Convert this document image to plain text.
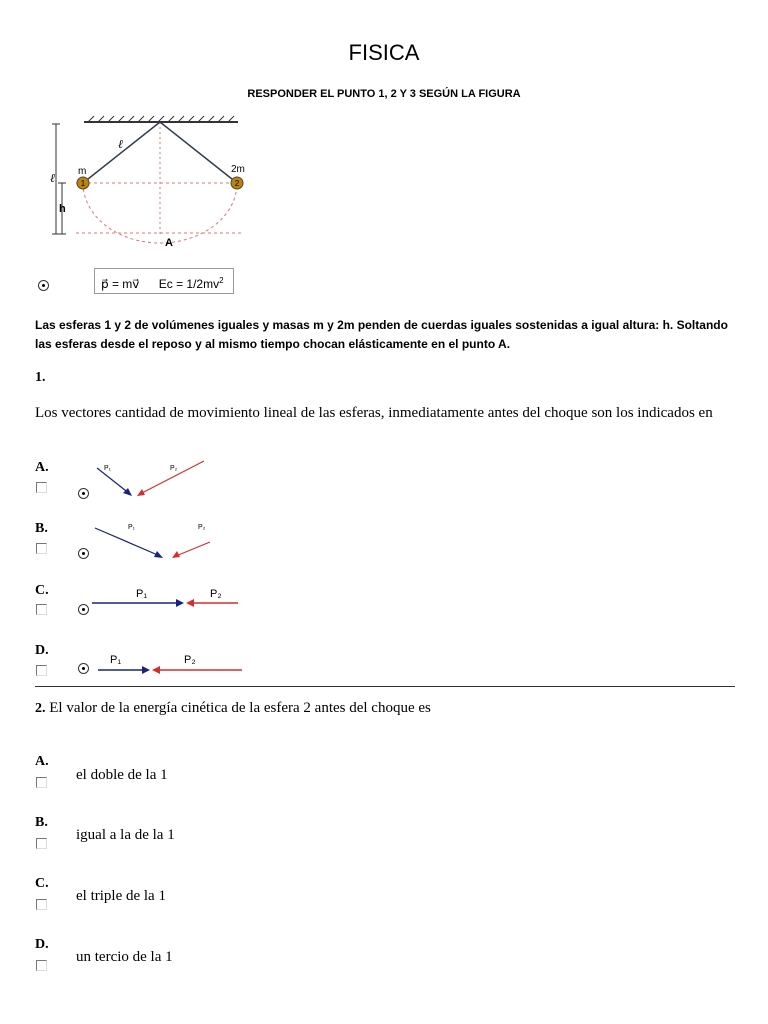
FISICA
RESPONDER EL PUNTO 1, 2 Y 3 SEGÚN LA FIGURA
1	2
ℓ
ℓ m	2m
h
A
p⃗ = mv⃗ $Ec = 1/2mv^2$
Las esferas 1 y 2 de volúmenes iguales y masas m y 2m penden de cuerdas iguales sostenidas a igual altura: h. Soltando las esferas desde el reposo y al mismo tiempo chocan elásticamente en el punto A.
1.
Los vectores cantidad de movimiento lineal de las esferas, inmediatamente antes del choque son los indicados en
A.	P₁	P₂
B.	P₁	P₂
C.	P₁	P₂
D.
P₁	P₂
2. El valor de la energía cinética de la esfera 2 antes del choque es
A.
el doble de la 1
B.
igual a la de la 1
C.
el triple de la 1
D.
un tercio de la 1
